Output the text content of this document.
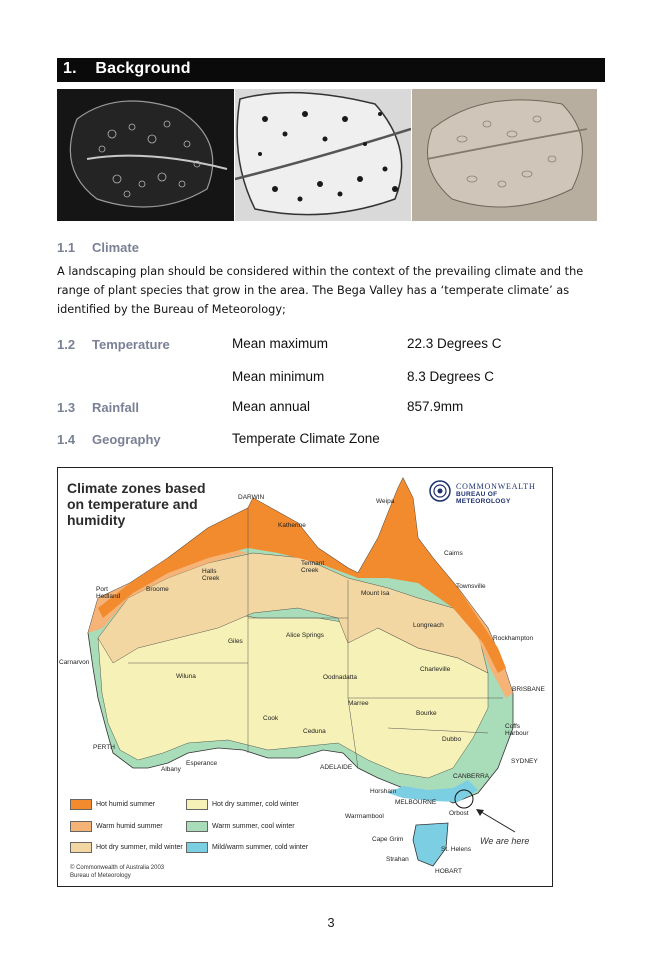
1. Background
1.1 Climate
A landscaping plan should be considered within the context of the prevailing climate and the range of plant species that grow in the area. The Bega Valley has a ‘temperate climate’ as identified by the Bureau of Meteorology;
1.2 Temperature	Mean maximum	22.3 Degrees C
Mean minimum	8.3 Degrees C
1.3 Rainfall	Mean annual	857.9mm
1.4 Geography	Temperate Climate Zone
Climate zones based on temperature and humidity
COMMONWEALTH
BUREAU OF METEOROLOGY
DARWIN
Katherine
Weipa
Cairns
Townsville
Broome
Halls Creek
Tennant Creek
Mount Isa
Port Hedland
Longreach
Rockhampton
Giles
Alice Springs
Carnarvon
Charleville
BRISBANE
Wiluna	Oodnadatta
Marree
Bourke
Coffs Harbour
Cook
Ceduna
Dubbo
PERTH
ADELAIDE
SYDNEY
Albany
Esperance
CANBERRA
Horsham
MELBOURNE
Warrnambool	Orbost
Cape Grim
St. Helens
Strahan
HOBART
Hot humid summer
Warm humid summer
Hot dry summer, mild winter
Hot dry summer, cold winter
Warm summer, cool winter
Mild/warm summer, cold winter
© Commonwealth of Australia 2003
Bureau of Meteorology
We are here
3
